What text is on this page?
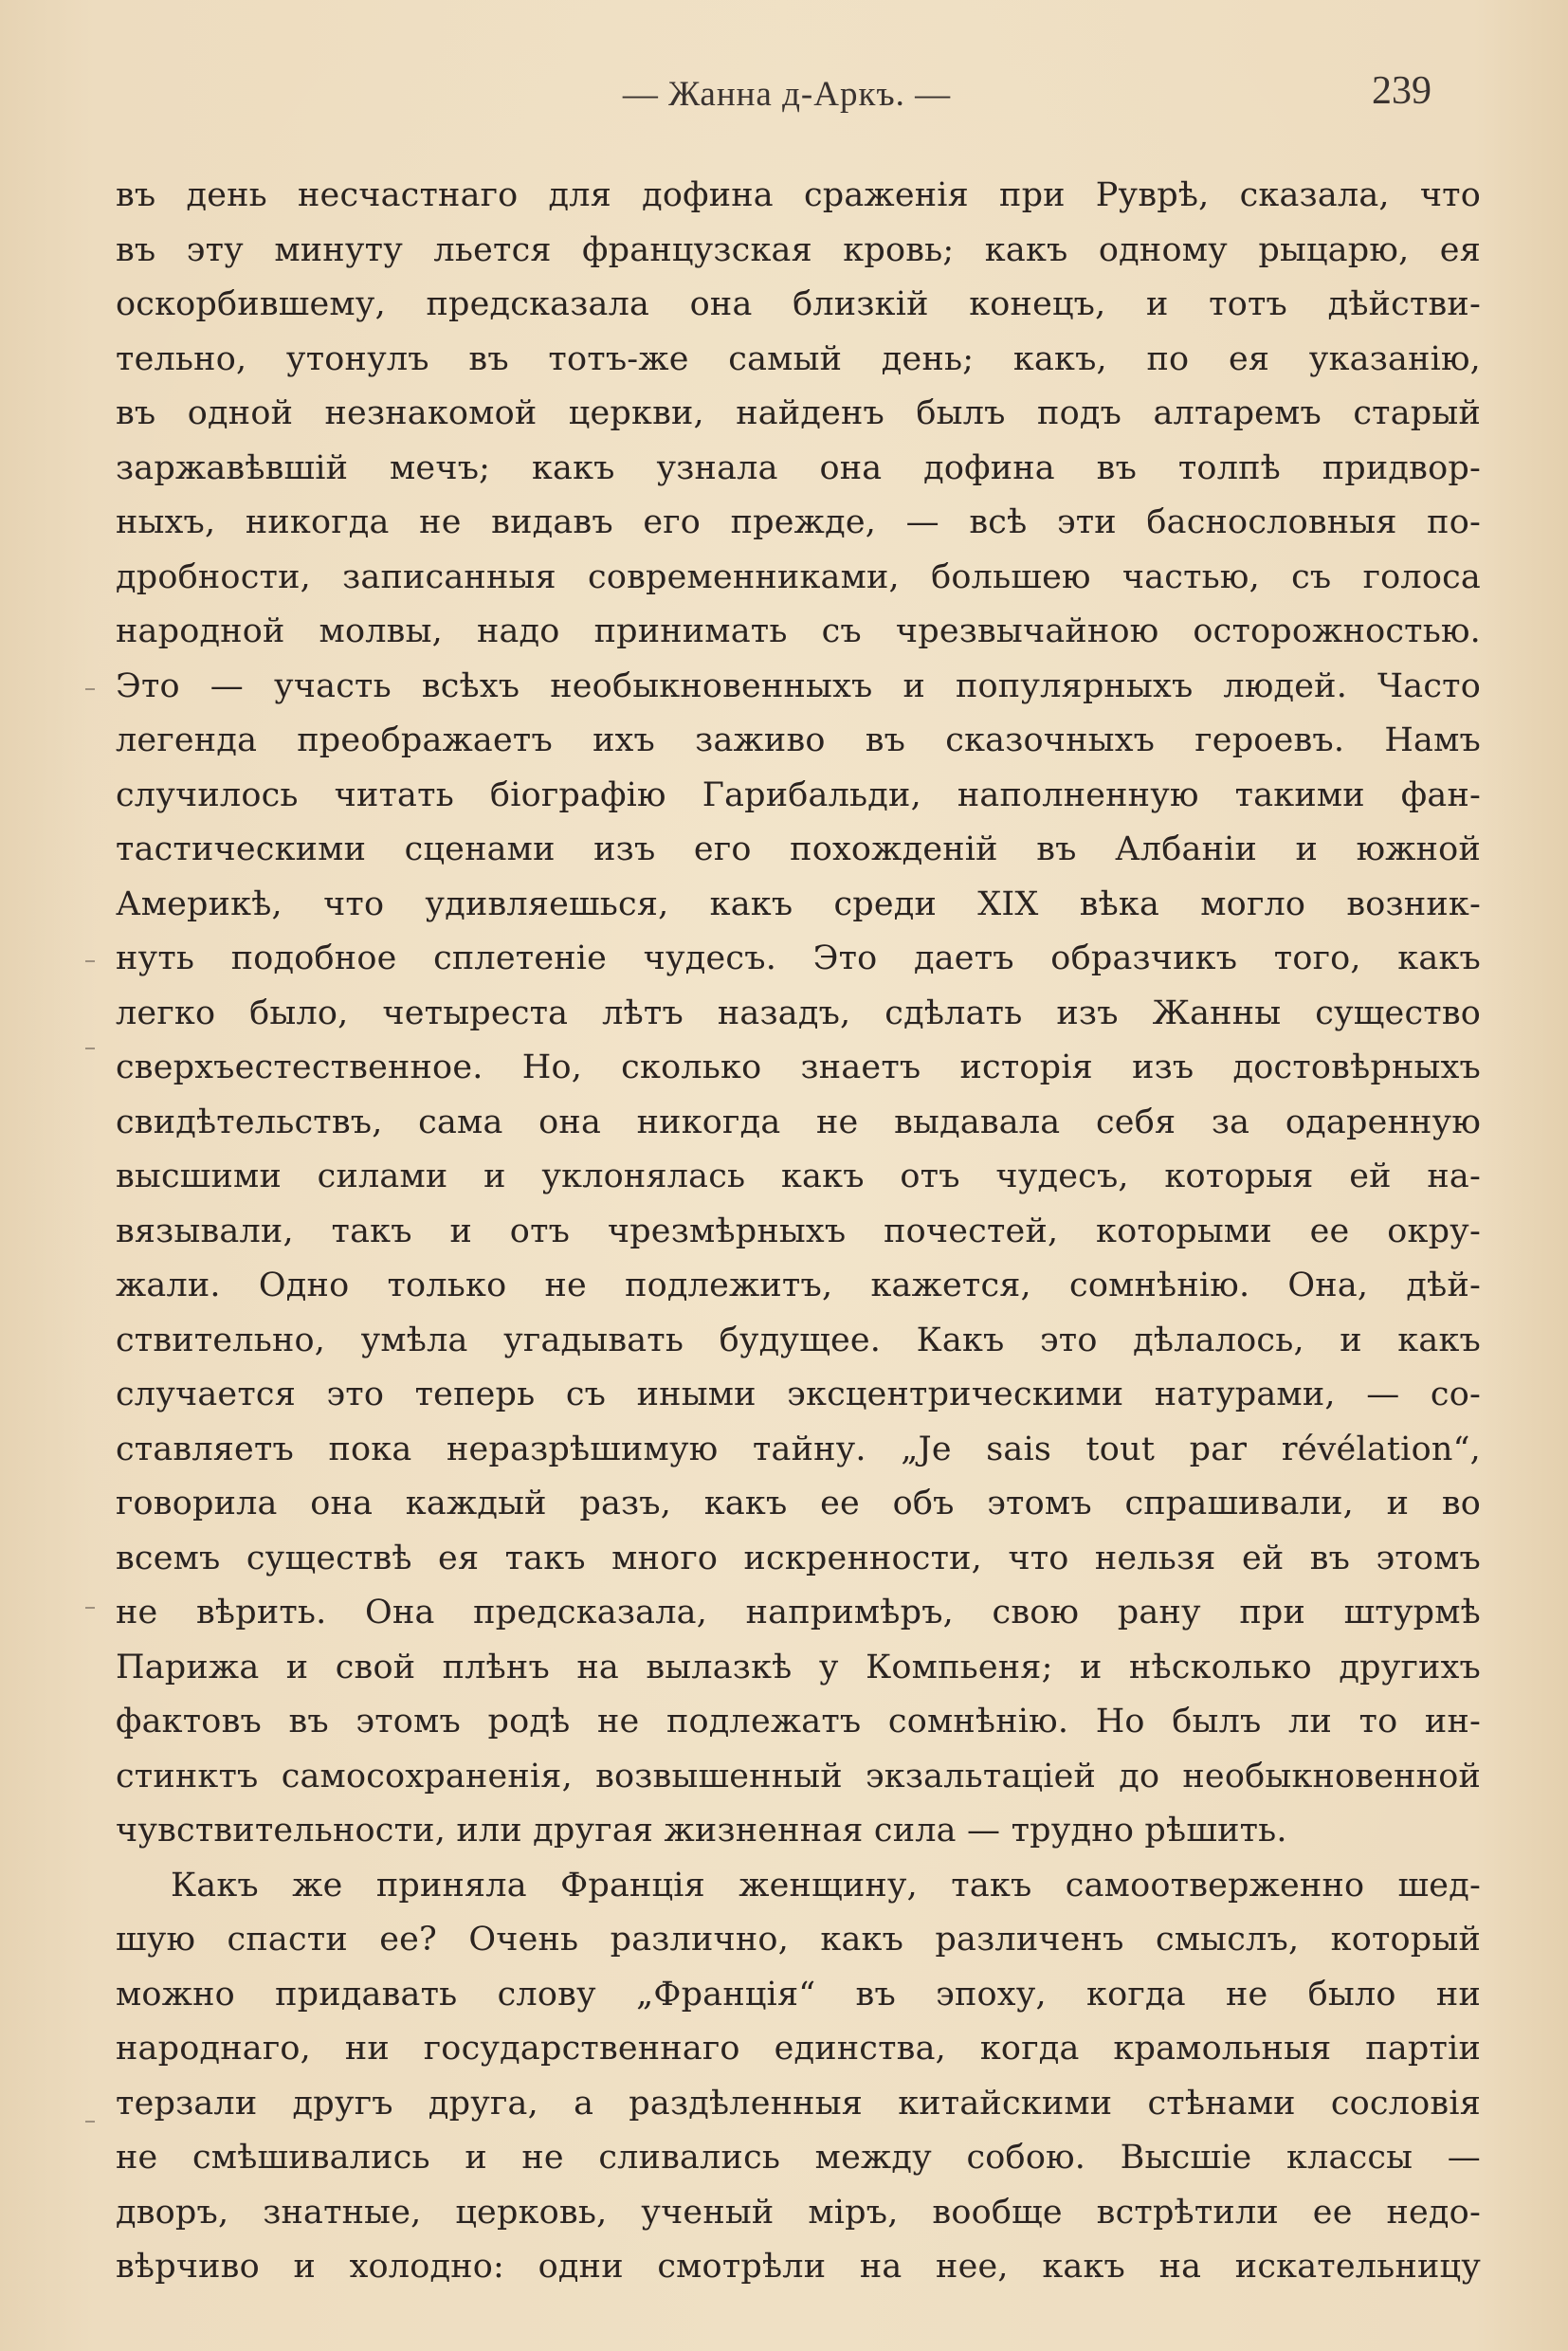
— Жанна д-Аркъ. —	239
въ день несчастнаго для дофина сраженія при Руврѣ, сказала, что
въ эту минуту льется французская кровь; какъ одному рыцарю, ея
оскорбившему, предсказала она близкій конецъ, и тотъ дѣйстви-
тельно, утонулъ въ тотъ-же самый день; какъ, по ея указанію,
въ одной незнакомой церкви, найденъ былъ подъ алтаремъ старый
заржавѣвшій мечъ; какъ узнала она дофина въ толпѣ придвор-
ныхъ, никогда не видавъ его прежде, — всѣ эти баснословныя по-
дробности, записанныя современниками, большею частью, съ голоса
народной молвы, надо принимать съ чрезвычайною осторожностью.
Это — участь всѣхъ необыкновенныхъ и популярныхъ людей. Часто
легенда преображаетъ ихъ заживо въ сказочныхъ героевъ. Намъ
случилось читать біографію Гарибальди, наполненную такими фан-
тастическими сценами изъ его похожденій въ Албаніи и южной
Америкѣ, что удивляешься, какъ среди XIX вѣка могло возник-
нуть подобное сплетеніе чудесъ. Это даетъ образчикъ того, какъ
легко было, четыреста лѣтъ назадъ, сдѣлать изъ Жанны существо
сверхъестественное. Но, сколько знаетъ исторія изъ достовѣрныхъ
свидѣтельствъ, сама она никогда не выдавала себя за одаренную
высшими силами и уклонялась какъ отъ чудесъ, которыя ей на-
вязывали, такъ и отъ чрезмѣрныхъ почестей, которыми ее окру-
жали. Одно только не подлежитъ, кажется, сомнѣнію. Она, дѣй-
ствительно, умѣла угадывать будущее. Какъ это дѣлалось, и какъ
случается это теперь съ иными эксцентрическими натурами, — со-
ставляетъ пока неразрѣшимую тайну. „Je sais tout par révélation“,
говорила она каждый разъ, какъ ее объ этомъ спрашивали, и во
всемъ существѣ ея такъ много искренности, что нельзя ей въ этомъ
не вѣрить. Она предсказала, напримѣръ, свою рану при штурмѣ
Парижа и свой плѣнъ на вылазкѣ у Компьеня; и нѣсколько другихъ
фактовъ въ этомъ родѣ не подлежатъ сомнѣнію. Но былъ ли то ин-
стинктъ самосохраненія, возвышенный экзальтаціей до необыкновенной
чувствительности, или другая жизненная сила — трудно рѣшить.
Какъ же приняла Франція женщину, такъ самоотверженно шед-
шую спасти ее? Очень различно, какъ различенъ смыслъ, который
можно придавать слову „Франція“ въ эпоху, когда не было ни
народнаго, ни государственнаго единства, когда крамольныя партіи
терзали другъ друга, а раздѣленныя китайскими стѣнами сословія
не смѣшивались и не сливались между собою. Высшіе классы —
дворъ, знатные, церковь, ученый міръ, вообще встрѣтили ее недо-
вѣрчиво и холодно: одни смотрѣли на нее, какъ на искательницу
